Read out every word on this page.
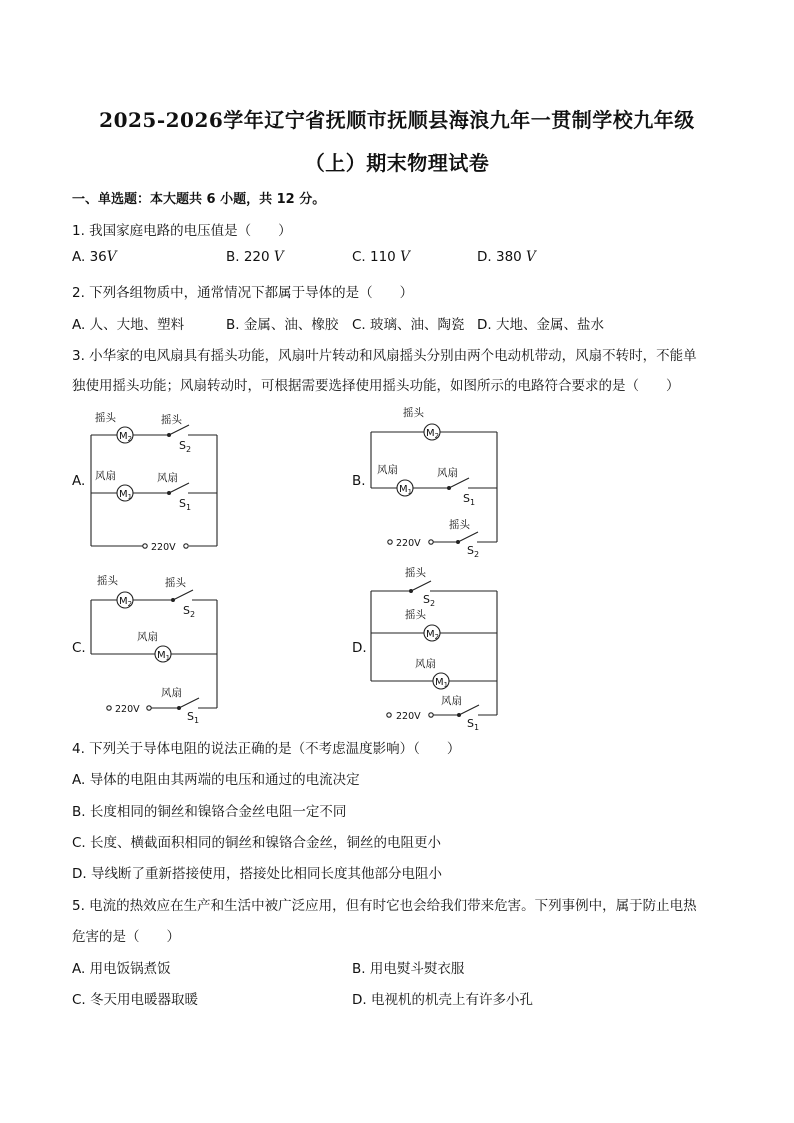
2025-2026学年辽宁省抚顺市抚顺县海浪九年一贯制学校九年级
（上）期末物理试卷
一、单选题：本大题共 6 小题，共 12 分。
1. 我国家庭电路的电压值是（　　）
A. 36V	B. 220 V	C. 110 V	D. 380 V
2. 下列各组物质中，通常情况下都属于导体的是（　　）
A. 人、大地、塑料	B. 金属、油、橡胶 C. 玻璃、油、陶瓷 D. 大地、金属、盐水
3. 小华家的电风扇具有摇头功能，风扇叶片转动和风扇摇头分别由两个电动机带动，风扇不转时，不能单
独使用摇头功能；风扇转动时，可根据需要选择使用摇头功能，如图所示的电路符合要求的是（　　）
A.
摇头	摇头
风扇	风扇
$M_2$
$M_1$
$S_2$
$S_1$
220V
B.
摇头
风扇	风扇
摇头
$M_2$
$M_1$	$S_1$
$S_2$
220V
C.
摇头	摇头
风扇
风扇
$M_2$
$M_1$
$S_2$
$S_1$
220V
D.
摇头
摇头
风扇
风扇
$M_2$
$M_1$
$S_2$
$S_1$
220V
4. 下列关于导体电阻的说法正确的是（不考虑温度影响）（　　）
A. 导体的电阻由其两端的电压和通过的电流决定
B. 长度相同的铜丝和镍铬合金丝电阻一定不同
C. 长度、横截面积相同的铜丝和镍铬合金丝，铜丝的电阻更小
D. 导线断了重新搭接使用，搭接处比相同长度其他部分电阻小
5. 电流的热效应在生产和生活中被广泛应用，但有时它也会给我们带来危害。下列事例中，属于防止电热
危害的是（　　）
A. 用电饭锅煮饭	B. 用电熨斗熨衣服
C. 冬天用电暖器取暖	D. 电视机的机壳上有许多小孔
